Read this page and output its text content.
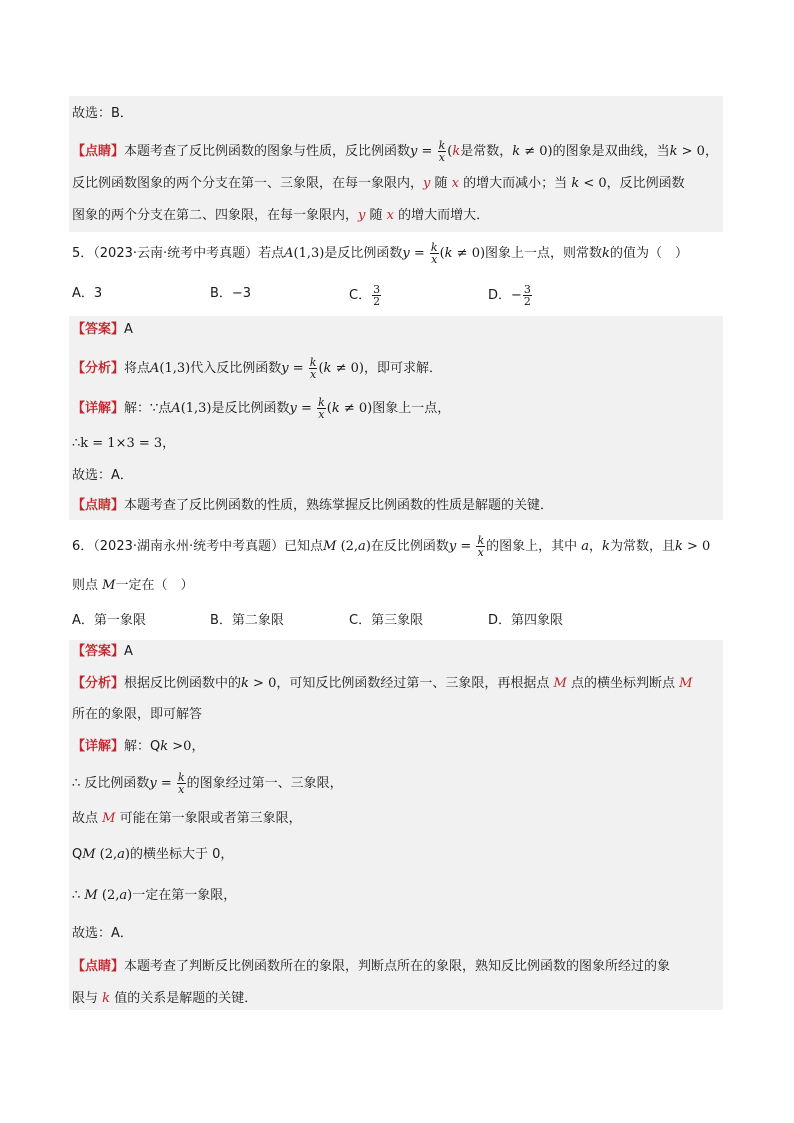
故选：B．
【点睛】本题考查了反比例函数的图象与性质，反比例函数$y = \frac{k}{x} (k$是常数，k ≠ 0)的图象是双曲线，当k > 0，
反比例函数图象的两个分支在第一、三象限，在每一象限内，y 随 x 的增大而减小；当 k < 0，反比例函数
图象的两个分支在第二、四象限，在每一象限内，y 随 x 的增大而增大．
5．（2023·云南·统考中考真题）若点A(1,3)是反比例函数$y = \frac{k}{x} (k \ne 0)$图象上一点，则常数k的值为（　）
A．3	B．−3	C． $\frac{3}{2}$	D．− $\frac{3}{2}$
【答案】A
【分析】将点A(1,3)代入反比例函数$y = \frac{k}{x} (k \ne 0)$，即可求解．
【详解】解：∵点A(1,3)是反比例函数$y = \frac{k}{x} (k \ne 0)$图象上一点，
∴k = 1×3 = 3，
故选：A．
【点睛】本题考查了反比例函数的性质，熟练掌握反比例函数的性质是解题的关键．
6．（2023·湖南永州·统考中考真题）已知点M (2,a)在反比例函数$y = \frac{k}{x}$ 的图象上，其中 a，k为常数，且k > 0
则点 M一定在（　）
A．第一象限	B．第二象限	C．第三象限	D．第四象限
【答案】A
【分析】根据反比例函数中的k > 0，可知反比例函数经过第一、三象限，再根据点 M 点的横坐标判断点 M
所在的象限，即可解答
【详解】解：Qk >0，
∴ 反比例函数$y = \frac{k}{x}$ 的图象经过第一、三象限，
故点 M 可能在第一象限或者第三象限，
QM (2,a)的横坐标大于 0，
∴ M (2,a)一定在第一象限，
故选：A．
【点睛】本题考查了判断反比例函数所在的象限，判断点所在的象限，熟知反比例函数的图象所经过的象
限与 k 值的关系是解题的关键．
